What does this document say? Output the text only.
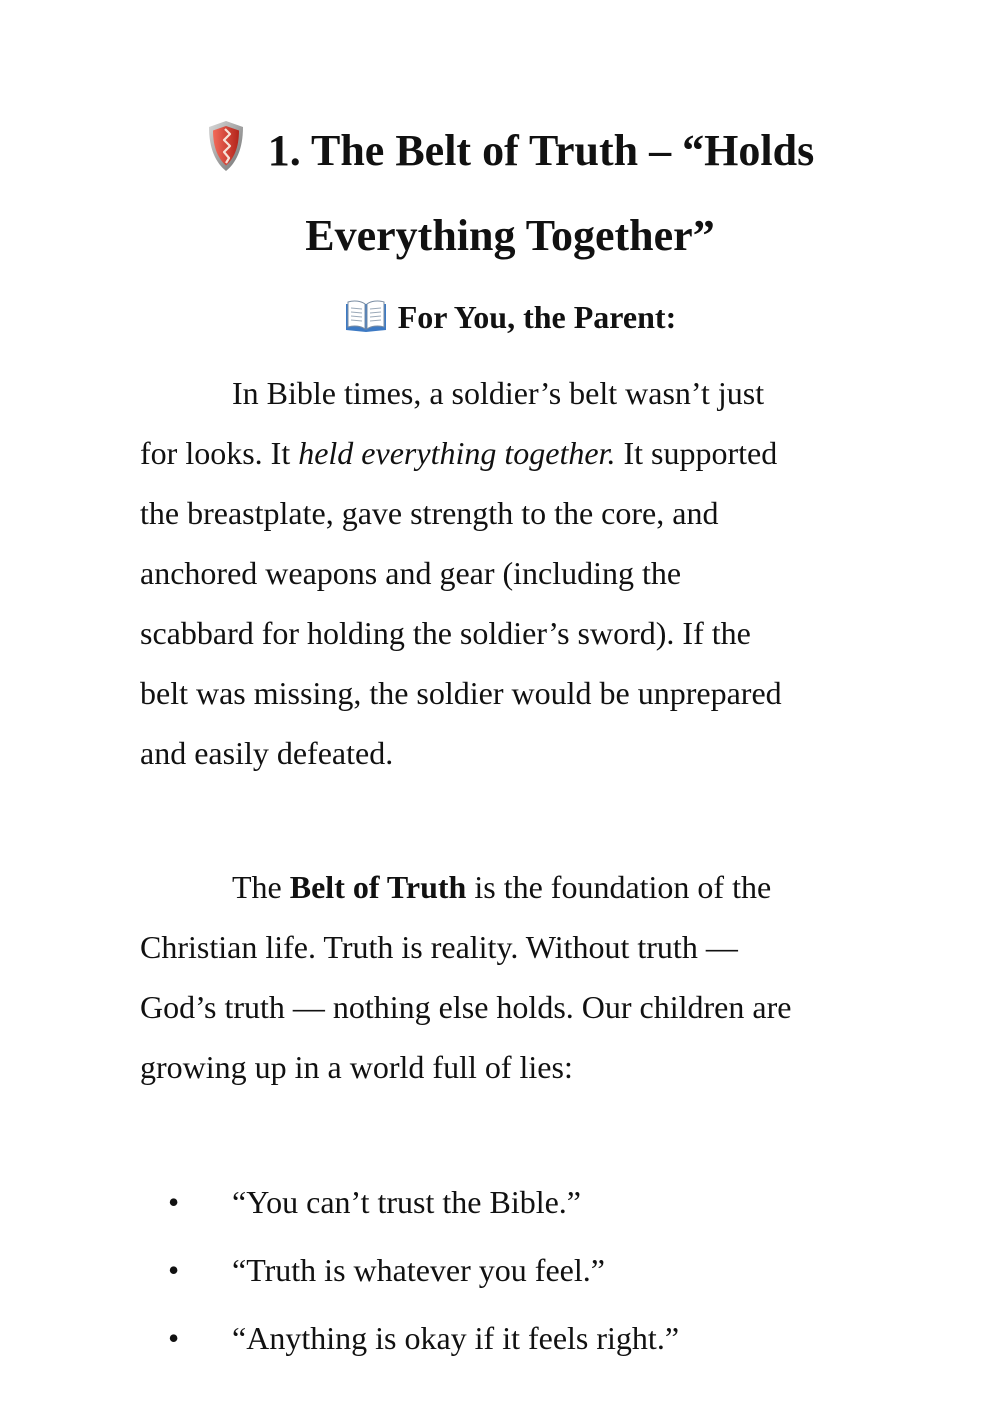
1. The Belt of Truth – “Holds
Everything Together”
For You, the Parent:

In Bible times, a soldier’s belt wasn’t just
for looks. It held everything together. It supported
the breastplate, gave strength to the core, and
anchored weapons and gear (including the
scabbard for holding the soldier’s sword). If the
belt was missing, the soldier would be unprepared
and easily defeated.

The Belt of Truth is the foundation of the
Christian life. Truth is reality. Without truth —
God’s truth — nothing else holds. Our children are
growing up in a world full of lies:

• “You can’t trust the Bible.”
• “Truth is whatever you feel.”
• “Anything is okay if it feels right.”
